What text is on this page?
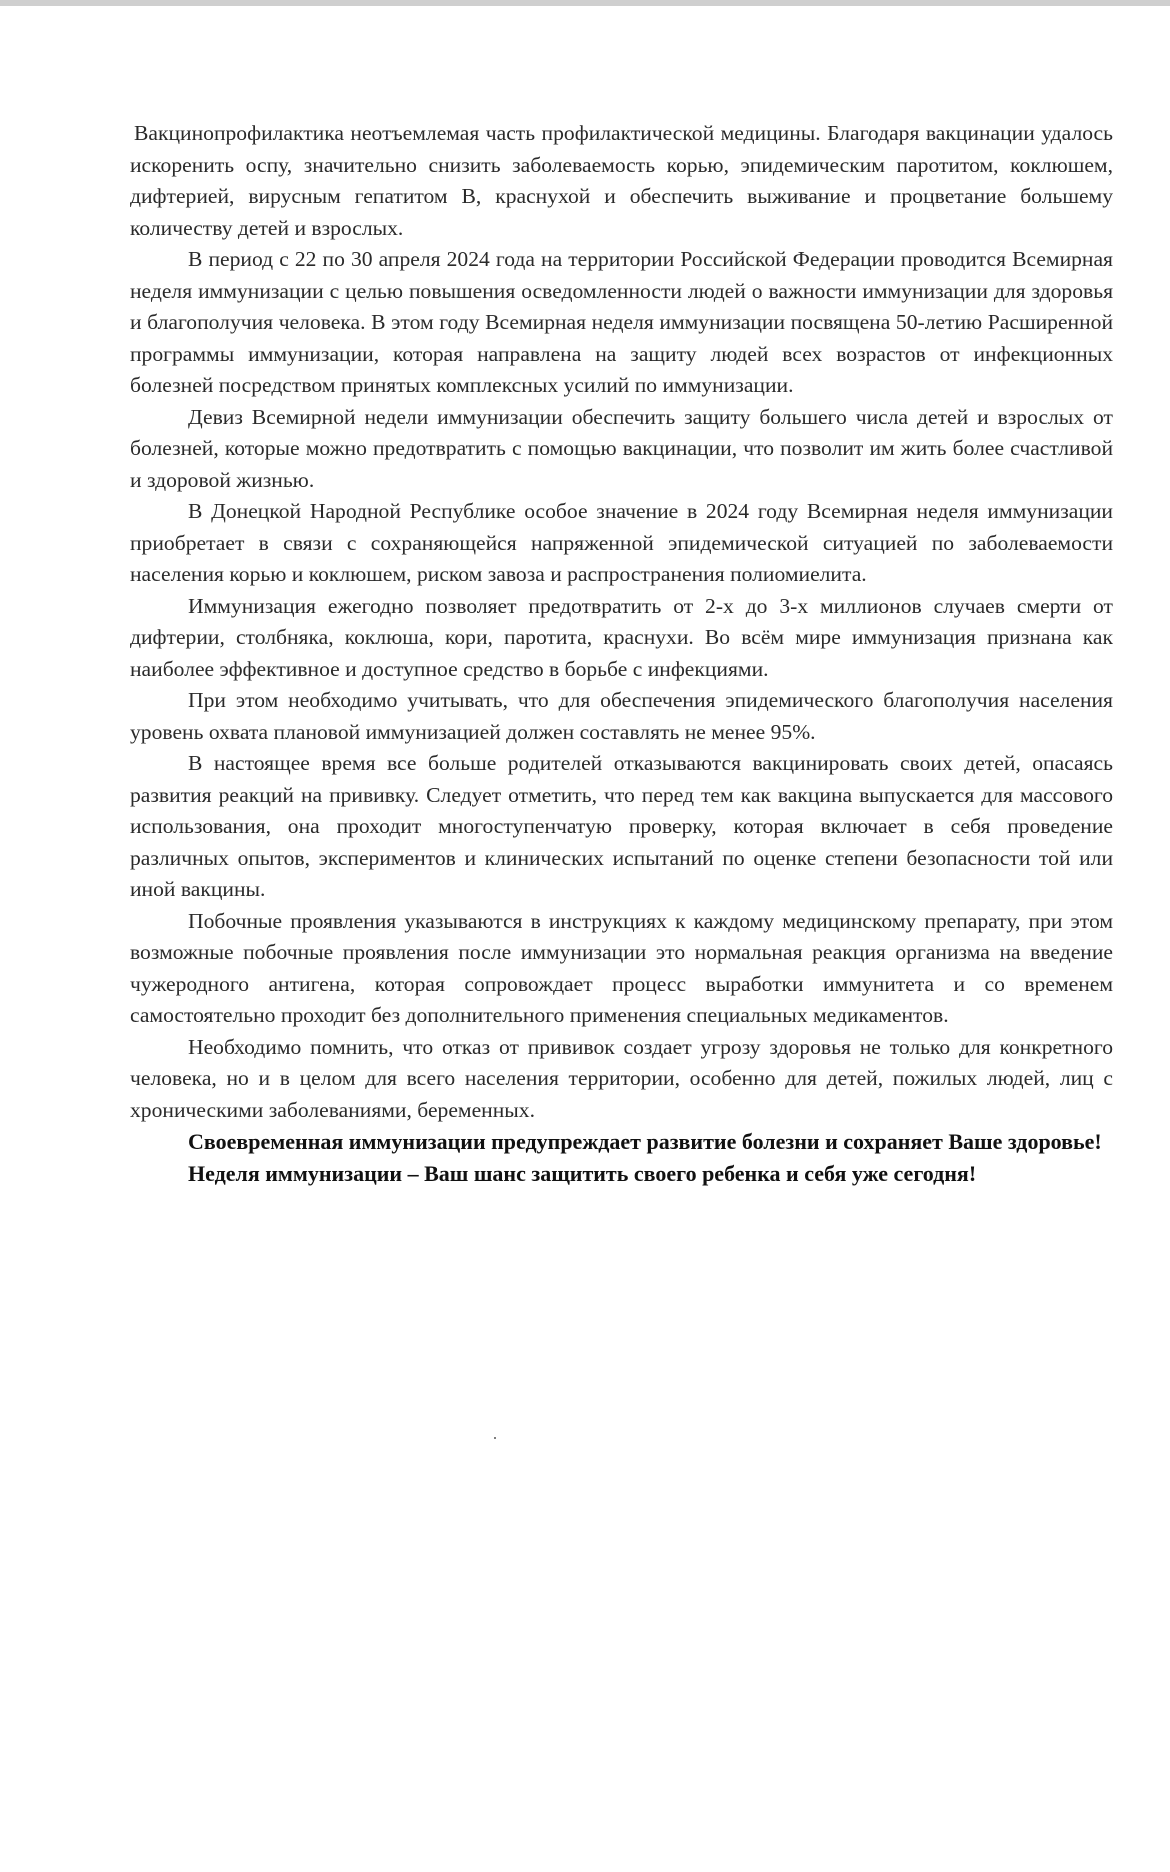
Вакцинопрофилактика неотъемлемая часть профилактической медицины. Благодаря вакцинации удалось искоренить оспу, значительно снизить заболеваемость корью, эпидемическим паротитом, коклюшем, дифтерией, вирусным гепатитом В, краснухой и обеспечить выживание и процветание большему количеству детей и взрослых.

В период с 22 по 30 апреля 2024 года на территории Российской Федерации проводится Всемирная неделя иммунизации с целью повышения осведомленности людей о важности иммунизации для здоровья и благополучия человека. В этом году Всемирная неделя иммунизации посвящена 50-летию Расширенной программы иммунизации, которая направлена на защиту людей всех возрастов от инфекционных болезней посредством принятых комплексных усилий по иммунизации.

Девиз Всемирной недели иммунизации обеспечить защиту большего числа детей и взрослых от болезней, которые можно предотвратить с помощью вакцинации, что позволит им жить более счастливой и здоровой жизнью.

В Донецкой Народной Республике особое значение в 2024 году Всемирная неделя иммунизации приобретает в связи с сохраняющейся напряженной эпидемической ситуацией по заболеваемости населения корью и коклюшем, риском завоза и распространения полиомиелита.

Иммунизация ежегодно позволяет предотвратить от 2-х до 3-х миллионов случаев смерти от дифтерии, столбняка, коклюша, кори, паротита, краснухи. Во всём мире иммунизация признана как наиболее эффективное и доступное средство в борьбе с инфекциями.

При этом необходимо учитывать, что для обеспечения эпидемического благополучия населения уровень охвата плановой иммунизацией должен составлять не менее 95%.

В настоящее время все больше родителей отказываются вакцинировать своих детей, опасаясь развития реакций на прививку. Следует отметить, что перед тем как вакцина выпускается для массового использования, она проходит многоступенчатую проверку, которая включает в себя проведение различных опытов, экспериментов и клинических испытаний по оценке степени безопасности той или иной вакцины.

Побочные проявления указываются в инструкциях к каждому медицинскому препарату, при этом возможные побочные проявления после иммунизации это нормальная реакция организма на введение чужеродного антигена, которая сопровождает процесс выработки иммунитета и со временем самостоятельно проходит без дополнительного применения специальных медикаментов.

Необходимо помнить, что отказ от прививок создает угрозу здоровья не только для конкретного человека, но и в целом для всего населения территории, особенно для детей, пожилых людей, лиц с хроническими заболеваниями, беременных.

Своевременная иммунизации предупреждает развитие болезни и сохраняет Ваше здоровье!

Неделя иммунизации – Ваш шанс защитить своего ребенка и себя уже сегодня!
